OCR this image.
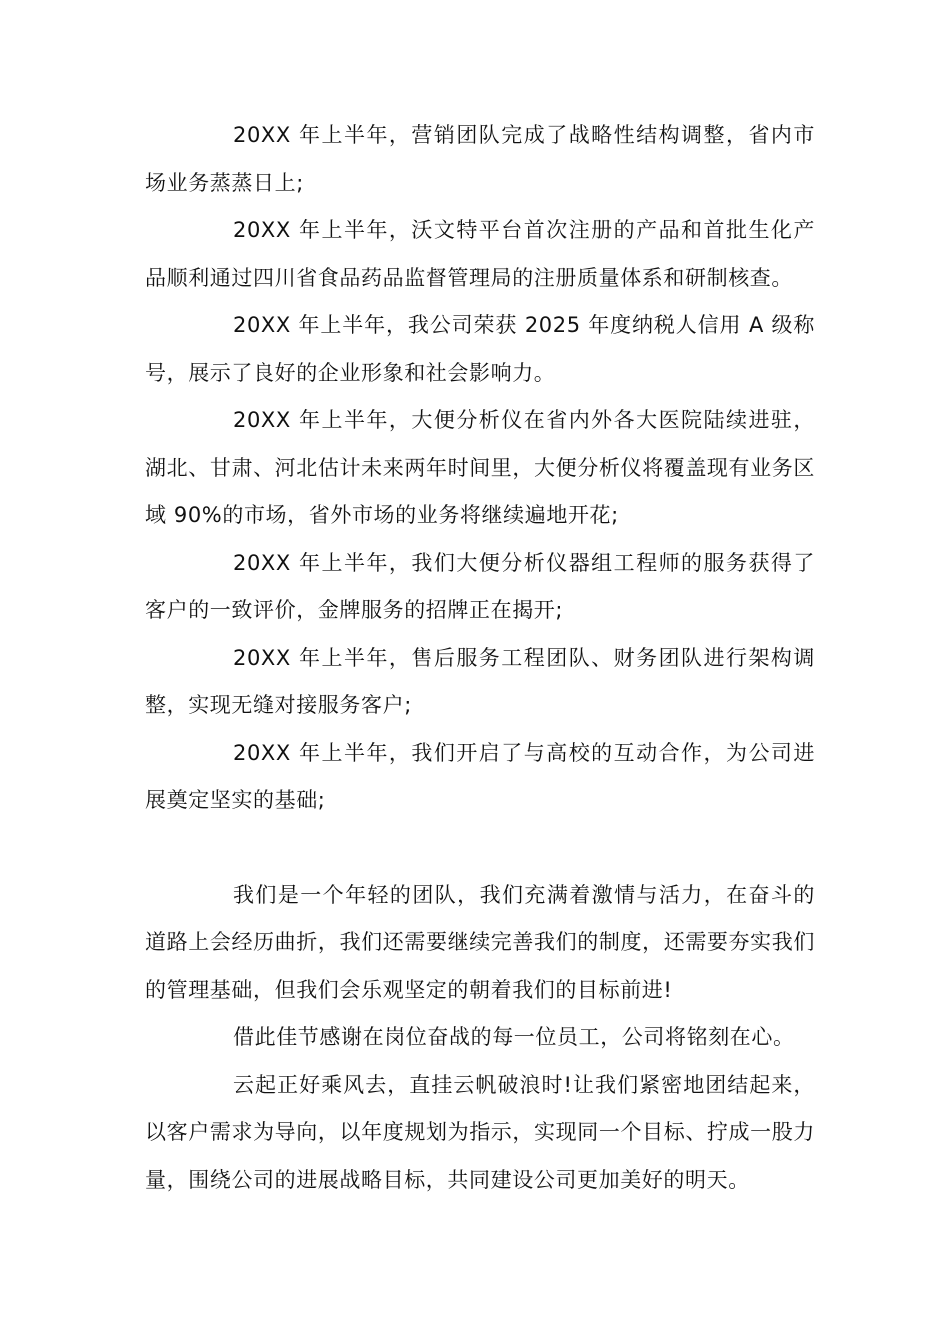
20XX 年上半年，营销团队完成了战略性结构调整，省内市场业务蒸蒸日上;

20XX 年上半年，沃文特平台首次注册的产品和首批生化产品顺利通过四川省食品药品监督管理局的注册质量体系和研制核查。

20XX 年上半年，我公司荣获 2025 年度纳税人信用 A 级称号，展示了良好的企业形象和社会影响力。

20XX 年上半年，大便分析仪在省内外各大医院陆续进驻，湖北、甘肃、河北估计未来两年时间里，大便分析仪将覆盖现有业务区域 90%的市场，省外市场的业务将继续遍地开花;

20XX 年上半年，我们大便分析仪器组工程师的服务获得了客户的一致评价，金牌服务的招牌正在揭开;

20XX 年上半年，售后服务工程团队、财务团队进行架构调整，实现无缝对接服务客户;

20XX 年上半年，我们开启了与高校的互动合作，为公司进展奠定坚实的基础;

我们是一个年轻的团队，我们充满着激情与活力，在奋斗的道路上会经历曲折，我们还需要继续完善我们的制度，还需要夯实我们的管理基础，但我们会乐观坚定的朝着我们的目标前进!

借此佳节感谢在岗位奋战的每一位员工，公司将铭刻在心。

云起正好乘风去，直挂云帆破浪时!让我们紧密地团结起来，以客户需求为导向，以年度规划为指示，实现同一个目标、拧成一股力量，围绕公司的进展战略目标，共同建设公司更加美好的明天。
